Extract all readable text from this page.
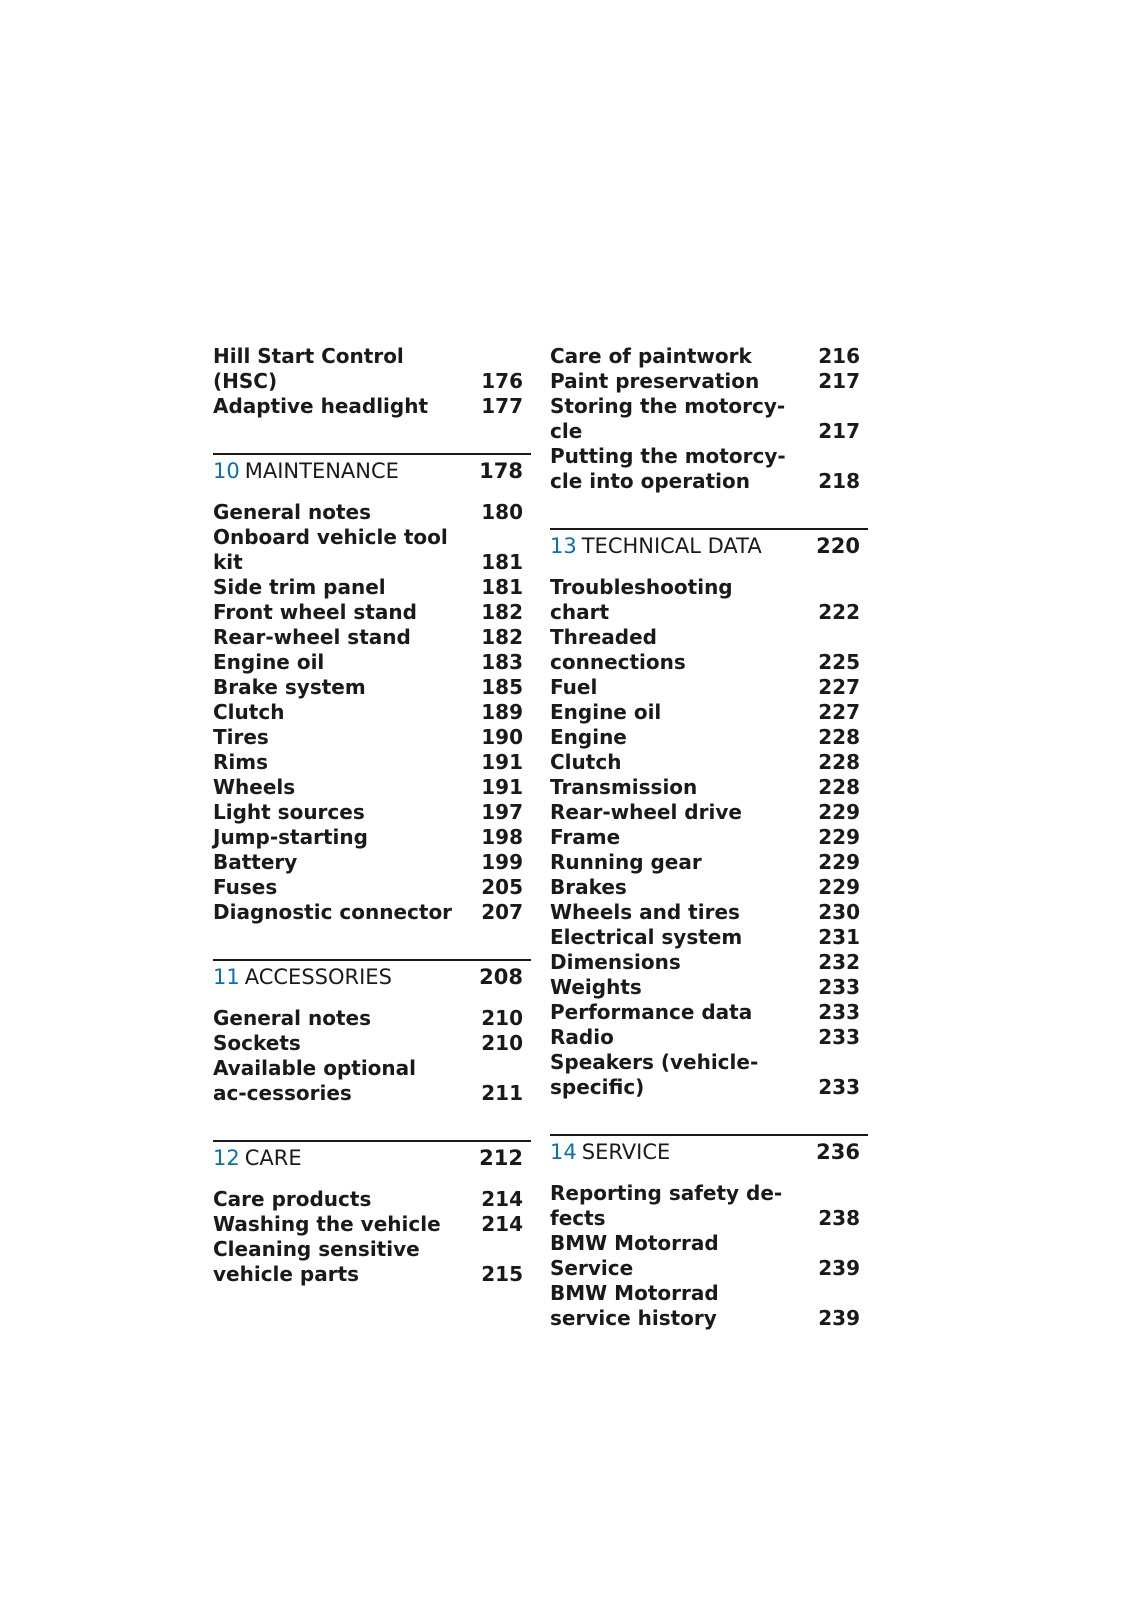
Hill Start Control (HSC)	176
Adaptive headlight	177
10 MAINTENANCE	178
General notes	180
Onboard vehicle tool kit	181
Side trim panel	181
Front wheel stand	182
Rear-wheel stand	182
Engine oil	183
Brake system	185
Clutch	189
Tires	190
Rims	191
Wheels	191
Light sources	197
Jump-starting	198
Battery	199
Fuses	205
Diagnostic connector 207
11 ACCESSORIES	208
General notes	210
Sockets	210
Available optional ac-cessories	211
12 CARE	212
Care products	214
Washing the vehicle	214
Cleaning sensitive vehicle parts	215
Care of paintwork	216
Paint preservation	217
Storing the motorcy-cle	217
Putting the motorcy-cle into operation	218
13 TECHNICAL DATA	220
Troubleshooting chart	222
Threaded connections	225
Fuel	227
Engine oil	227
Engine	228
Clutch	228
Transmission	228
Rear-wheel drive	229
Frame	229
Running gear	229
Brakes	229
Wheels and tires	230
Electrical system	231
Dimensions	232
Weights	233
Performance data	233
Radio	233
Speakers (vehicle-specific)	233
14 SERVICE	236
Reporting safety de-fects	238
BMW Motorrad Service	239
BMW Motorrad service history	239
